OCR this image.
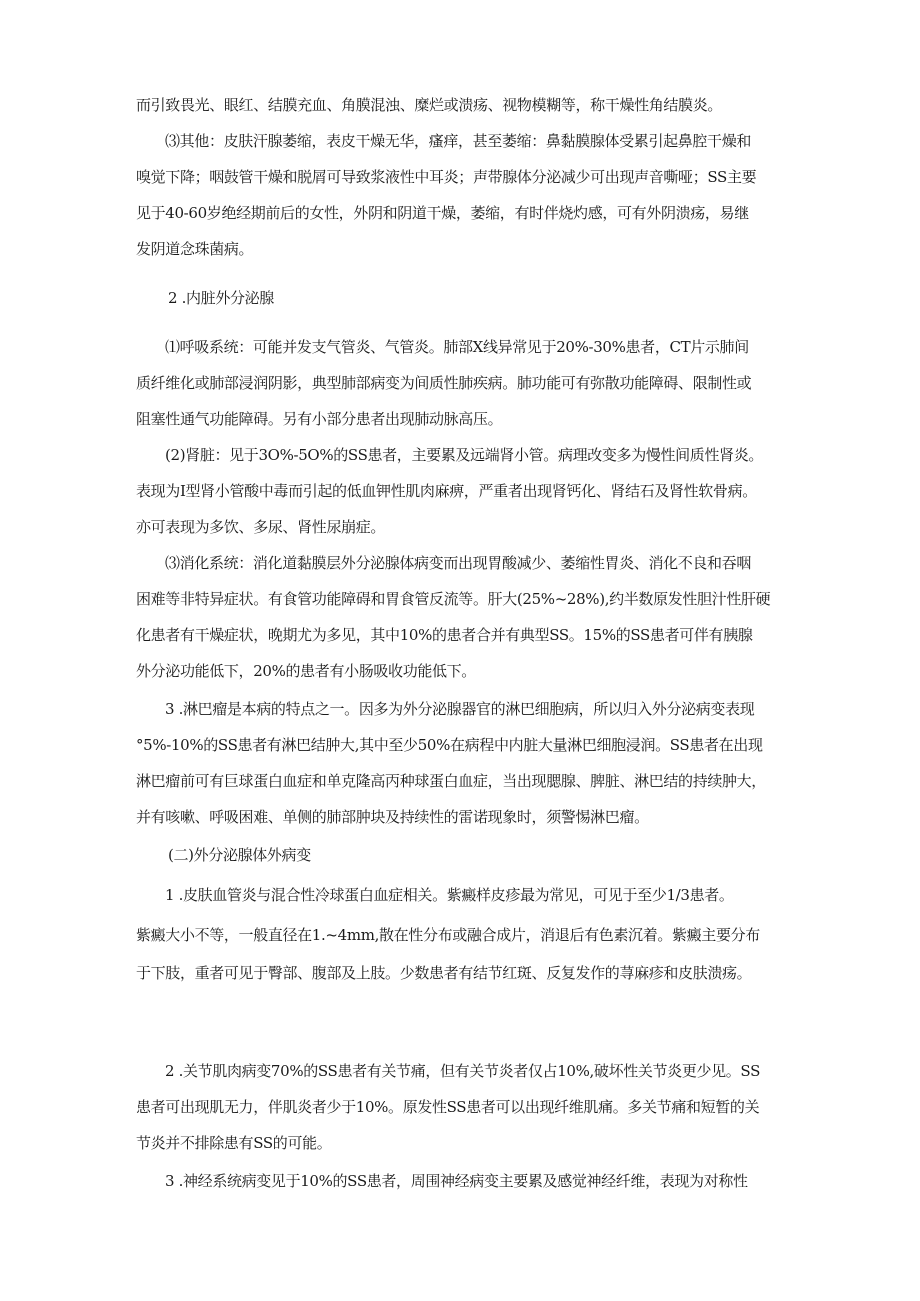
而引致畏光、眼红、结膜充血、角膜混浊、糜烂或溃疡、视物模糊等，称干燥性角结膜炎。
⑶其他：皮肤汗腺萎缩，表皮干燥无华，瘙痒，甚至萎缩：鼻黏膜腺体受累引起鼻腔干燥和
嗅觉下降；咽鼓管干燥和脱屑可导致浆液性中耳炎；声带腺体分泌减少可出现声音嘶哑；SS主要
见于40-60岁绝经期前后的女性，外阴和阴道干燥，萎缩，有时伴烧灼感，可有外阴溃疡，易继
发阴道念珠菌病。
2 .内脏外分泌腺
⑴呼吸系统：可能并发支气管炎、气管炎。肺部X线异常见于20%-30%患者，CT片示肺间
质纤维化或肺部浸润阴影，典型肺部病变为间质性肺疾病。肺功能可有弥散功能障碍、限制性或
阻塞性通气功能障碍。另有小部分患者出现肺动脉高压。
(2)肾脏：见于3O%-5O%的SS患者，主要累及远端肾小管。病理改变多为慢性间质性肾炎。
表现为I型肾小管酸中毒而引起的低血钾性肌肉麻痹，严重者出现肾钙化、肾结石及肾性软骨病。
亦可表现为多饮、多尿、肾性尿崩症。
⑶消化系统：消化道黏膜层外分泌腺体病变而出现胃酸减少、萎缩性胃炎、消化不良和吞咽
困难等非特异症状。有食管功能障碍和胃食管反流等。肝大(25%~28%),约半数原发性胆汁性肝硬
化患者有干燥症状，晚期尤为多见，其中10%的患者合并有典型SS。15%的SS患者可伴有胰腺
外分泌功能低下，20%的患者有小肠吸收功能低下。
3 .淋巴瘤是本病的特点之一。因多为外分泌腺器官的淋巴细胞病，所以归入外分泌病变表现
°5%-10%的SS患者有淋巴结肿大,其中至少50%在病程中内脏大量淋巴细胞浸润。SS患者在出现
淋巴瘤前可有巨球蛋白血症和单克隆高丙种球蛋白血症，当出现腮腺、脾脏、淋巴结的持续肿大，
并有咳嗽、呼吸困难、单侧的肺部肿块及持续性的雷诺现象时，须警惕淋巴瘤。
(二)外分泌腺体外病变
1 .皮肤血管炎与混合性冷球蛋白血症相关。紫癜样皮疹最为常见，可见于至少1/3患者。
紫癜大小不等，一般直径在1.~4mm,散在性分布或融合成片，消退后有色素沉着。紫癜主要分布
于下肢，重者可见于臀部、腹部及上肢。少数患者有结节红斑、反复发作的荨麻疹和皮肤溃疡。
2 .关节肌肉病变70%的SS患者有关节痛，但有关节炎者仅占10%,破坏性关节炎更少见。SS
患者可出现肌无力，伴肌炎者少于10%。原发性SS患者可以出现纤维肌痛。多关节痛和短暂的关
节炎并不排除患有SS的可能。
3 .神经系统病变见于10%的SS患者，周围神经病变主要累及感觉神经纤维，表现为对称性
